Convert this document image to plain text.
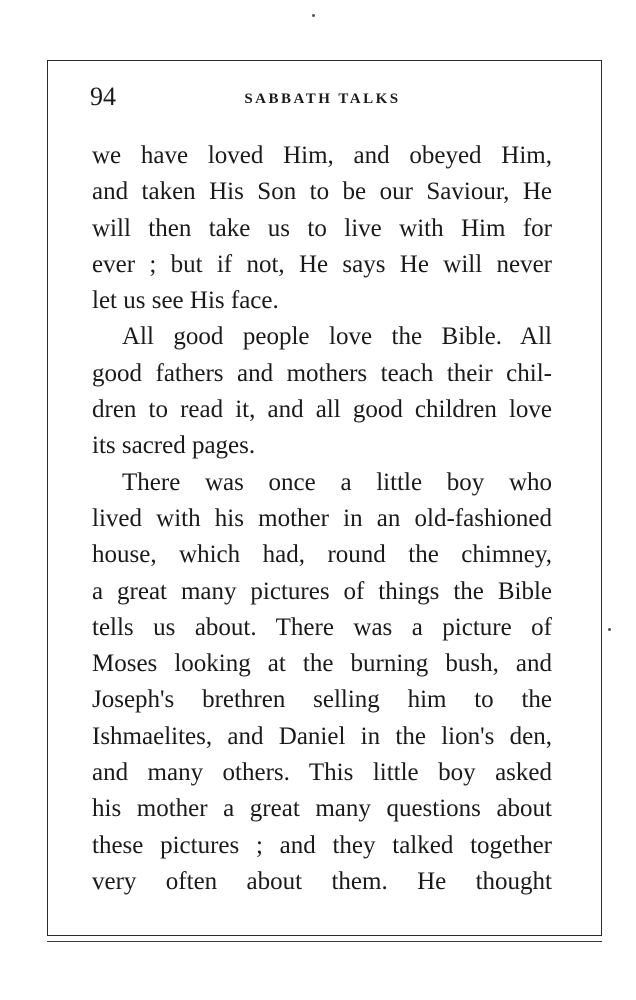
94	SABBATH TALKS
we have loved Him, and obeyed Him,
and taken His Son to be our Saviour, He
will then take us to live with Him for
ever ; but if not, He says He will never
let us see His face.
All good people love the Bible. All
good fathers and mothers teach their chil-
dren to read it, and all good children love
its sacred pages.
There was once a little boy who
lived with his mother in an old-fashioned
house, which had, round the chimney,
a great many pictures of things the Bible
tells us about. There was a picture of
Moses looking at the burning bush, and
Joseph's brethren selling him to the
Ishmaelites, and Daniel in the lion's den,
and many others. This little boy asked
his mother a great many questions about
these pictures ; and they talked together
very often about them. He thought
